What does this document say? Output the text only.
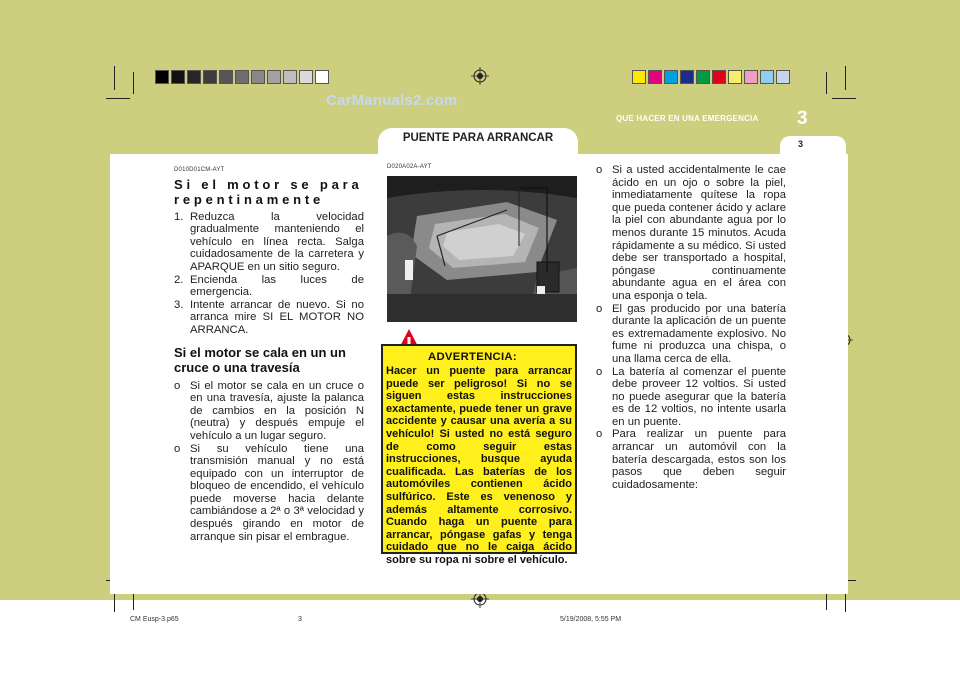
CarManuals2.com
QUE HACER EN UNA EMERGENCIA 3
PUENTE PARA ARRANCAR	3
D010D01CM-AYT
Si el motor se para repentinamente

1. Reduzca la velocidad gradualmente manteniendo el vehículo en línea recta. Salga cuidadosamente de la carretera y APARQUE en un sitio seguro.

2. Encienda las luces de emergencia.

3. Intente arrancar de nuevo. Si no arranca mire SI EL MOTOR NO ARRANCA.

Si el motor se cala en un un cruce o una travesía

o Si el motor se cala en un cruce o en una travesía, ajuste la palanca de cambios en la posición N (neutra) y después empuje el vehículo a un lugar seguro.

o Si su vehículo tiene una transmisión manual y no está equipado con un interruptor de bloqueo de encendido, el vehículo puede moverse hacia delante cambiándose a 2ª o 3ª velocidad y después girando en motor de arranque sin pisar el embrague.

D020A02A-AYT
OCM054001
ADVERTENCIA:
Hacer un puente para arrancar puede ser peligroso! Si no se siguen estas instrucciones exactamente, puede tener un grave accidente y causar una avería a su vehículo! Si usted no está seguro de como seguir estas instrucciones, busque ayuda cualificada. Las baterías de los automóviles contienen ácido sulfúrico. Este es venenoso y además altamente corrosivo. Cuando haga un puente para arrancar, póngase gafas y tenga cuidado que no le caiga ácido sobre su ropa ni sobre el vehículo.

o Si a usted accidentalmente le cae ácido en un ojo o sobre la piel, inmediatamente quítese la ropa que pueda contener ácido y aclare la piel con abundante agua por lo menos durante 15 minutos. Acuda rápidamente a su médico. Si usted debe ser transportado a hospital, póngase continuamente abundante agua en el área con una esponja o tela.

o El gas producido por una batería durante la aplicación de un puente es extremadamente explosivo. No fume ni produzca una chispa, o una llama cerca de ella.

o La batería al comenzar el puente debe proveer 12 voltios. Si usted no puede asegurar que la batería es de 12 voltios, no intente usarla en un puente.

o Para realizar un puente para arrancar un automóvil con la batería descargada, estos son los pasos que deben seguir cuidadosamente:

CM Eusp-3.p65	3	5/19/2008, 5:55 PM
